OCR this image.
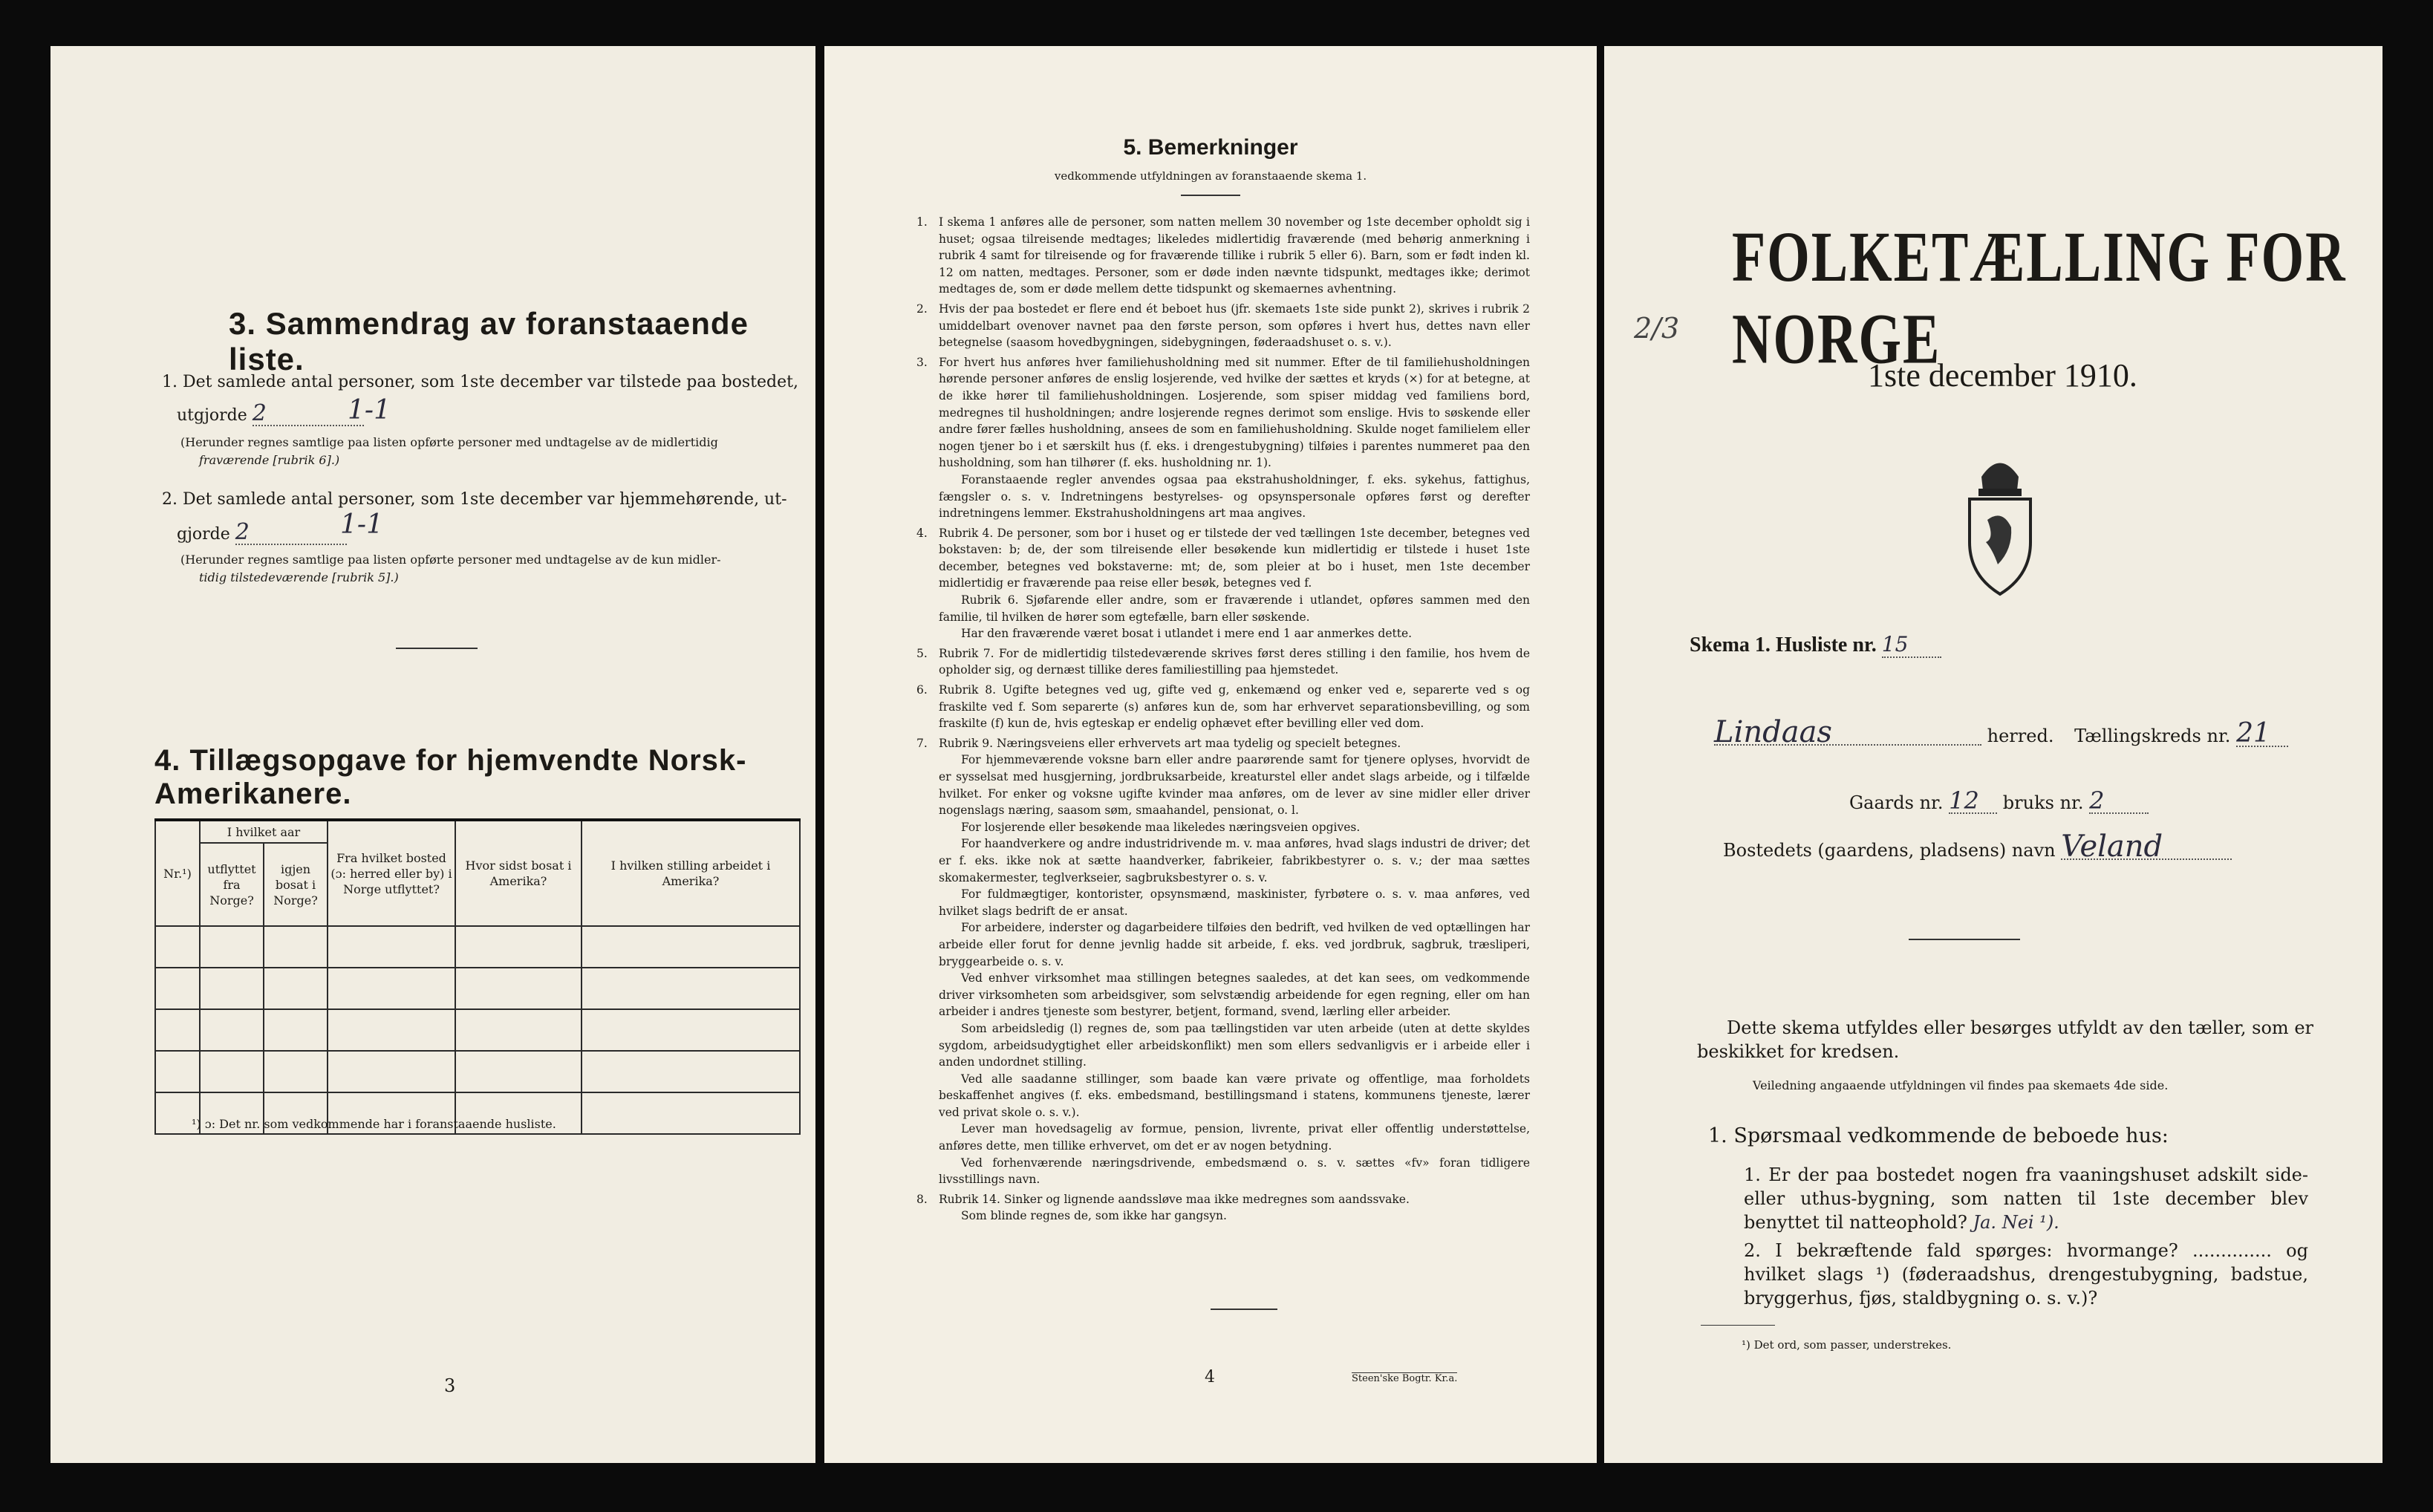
3. Sammendrag av foranstaaende liste.
1. Det samlede antal personer, som 1ste december var tilstede paa bostedet,
utgjorde 2	1-1
(Herunder regnes samtlige paa listen opførte personer med undtagelse av de midlertidig
fraværende [rubrik 6].)
2. Det samlede antal personer, som 1ste december var hjemmehørende, ut-
gjorde 2	1-1
(Herunder regnes samtlige paa listen opførte personer med undtagelse av de kun midler-
tidig tilstedeværende [rubrik 5].)
4. Tillægsopgave for hjemvendte Norsk-Amerikanere.
Nr.¹)	I hvilket aar		Fra hvilket bosted (ɔ: herred eller by) i Norge utflyttet?	Hvor sidst bosat i Amerika?	I hvilken stilling arbeidet i Amerika?
	utflyttet fra Norge?	igjen bosat i Norge?			

¹) ɔ: Det nr. som vedkommende har i foranstaaende husliste.
3
5. Bemerkninger
vedkommende utfyldningen av foranstaaende skema 1.

1. I skema 1 anføres alle de personer, som natten mellem 30 november og 1ste december opholdt sig i huset; ogsaa tilreisende medtages; likeledes midlertidig fraværende (med behørig anmerkning i rubrik 4 samt for tilreisende og for fraværende tillike i rubrik 5 eller 6). Barn, som er født inden kl. 12 om natten, medtages. Personer, som er døde inden nævnte tidspunkt, medtages ikke; derimot medtages de, som er døde mellem dette tidspunkt og skemaernes avhentning.

2. Hvis der paa bostedet er flere end ét beboet hus (jfr. skemaets 1ste side punkt 2), skrives i rubrik 2 umiddelbart ovenover navnet paa den første person, som opføres i hvert hus, dettes navn eller betegnelse (saasom hovedbygningen, sidebygningen, føderaadshuset o. s. v.).

3. For hvert hus anføres hver familiehusholdning med sit nummer. Efter de til familiehusholdningen hørende personer anføres de enslig losjerende, ved hvilke der sættes et kryds (×) for at betegne, at de ikke hører til familiehusholdningen. Losjerende, som spiser middag ved familiens bord, medregnes til husholdningen; andre losjerende regnes derimot som enslige. Hvis to søskende eller andre fører fælles husholdning, ansees de som en familiehusholdning. Skulde noget familielem eller nogen tjener bo i et særskilt hus (f. eks. i drengestubygning) tilføies i parentes nummeret paa den husholdning, som han tilhører (f. eks. husholdning nr. 1).

Foranstaaende regler anvendes ogsaa paa ekstrahusholdninger, f. eks. sykehus, fattighus, fængsler o. s. v. Indretningens bestyrelses- og opsynspersonale opføres først og derefter indretningens lemmer. Ekstrahusholdningens art maa angives.

4. Rubrik 4. De personer, som bor i huset og er tilstede der ved tællingen 1ste december, betegnes ved bokstaven: b; de, der som tilreisende eller besøkende kun midlertidig er tilstede i huset 1ste december, betegnes ved bokstaverne: mt; de, som pleier at bo i huset, men 1ste december midlertidig er fraværende paa reise eller besøk, betegnes ved f.

Rubrik 6. Sjøfarende eller andre, som er fraværende i utlandet, opføres sammen med den familie, til hvilken de hører som egtefælle, barn eller søskende.

Har den fraværende været bosat i utlandet i mere end 1 aar anmerkes dette.

5. Rubrik 7. For de midlertidig tilstedeværende skrives først deres stilling i den familie, hos hvem de opholder sig, og dernæst tillike deres familiestilling paa hjemstedet.

6. Rubrik 8. Ugifte betegnes ved ug, gifte ved g, enkemænd og enker ved e, separerte ved s og fraskilte ved f. Som separerte (s) anføres kun de, som har erhvervet separationsbevilling, og som fraskilte (f) kun de, hvis egteskap er endelig ophævet efter bevilling eller ved dom.

7. Rubrik 9. Næringsveiens eller erhvervets art maa tydelig og specielt betegnes.

For hjemmeværende voksne barn eller andre paarørende samt for tjenere oplyses, hvorvidt de er sysselsat med husgjerning, jordbruksarbeide, kreaturstel eller andet slags arbeide, og i tilfælde hvilket. For enker og voksne ugifte kvinder maa anføres, om de lever av sine midler eller driver nogenslags næring, saasom søm, smaahandel, pensionat, o. l.

For losjerende eller besøkende maa likeledes næringsveien opgives.

For haandverkere og andre industridrivende m. v. maa anføres, hvad slags industri de driver; det er f. eks. ikke nok at sætte haandverker, fabrikeier, fabrikbestyrer o. s. v.; der maa sættes skomakermester, teglverkseier, sagbruksbestyrer o. s. v.

For fuldmægtiger, kontorister, opsynsmænd, maskinister, fyrbøtere o. s. v. maa anføres, ved hvilket slags bedrift de er ansat.

For arbeidere, inderster og dagarbeidere tilføies den bedrift, ved hvilken de ved optællingen har arbeide eller forut for denne jevnlig hadde sit arbeide, f. eks. ved jordbruk, sagbruk, træsliperi, bryggearbeide o. s. v.

Ved enhver virksomhet maa stillingen betegnes saaledes, at det kan sees, om vedkommende driver virksomheten som arbeidsgiver, som selvstændig arbeidende for egen regning, eller om han arbeider i andres tjeneste som bestyrer, betjent, formand, svend, lærling eller arbeider.

Som arbeidsledig (l) regnes de, som paa tællingstiden var uten arbeide (uten at dette skyldes sygdom, arbeidsudygtighet eller arbeidskonflikt) men som ellers sedvanligvis er i arbeide eller i anden undordnet stilling.

Ved alle saadanne stillinger, som baade kan være private og offentlige, maa forholdets beskaffenhet angives (f. eks. embedsmand, bestillingsmand i statens, kommunens tjeneste, lærer ved privat skole o. s. v.).

Lever man hovedsagelig av formue, pension, livrente, privat eller offentlig understøttelse, anføres dette, men tillike erhvervet, om det er av nogen betydning.

Ved forhenværende næringsdrivende, embedsmænd o. s. v. sættes «fv» foran tidligere livsstillings navn.

8. Rubrik 14. Sinker og lignende aandssløve maa ikke medregnes som aandssvake.

Som blinde regnes de, som ikke har gangsyn.

4	Steen'ske Bogtr. Kr.a.
FOLKETÆLLING FOR NORGE
1ste december 1910.
Skema 1. Husliste nr. 15
Lindaas	herred. Tællingskreds nr. 21
Gaards nr. 12 bruks nr. 2
Bostedets (gaardens, pladsens) navn Veland
Dette skema utfyldes eller besørges utfyldt av den tæller, som er beskikket for kredsen.
Veiledning angaaende utfyldningen vil findes paa skemaets 4de side.
1. Spørsmaal vedkommende de beboede hus:
1. Er der paa bostedet nogen fra vaaningshuset adskilt side- eller uthus-bygning, som natten til 1ste december blev benyttet til natteophold? Ja. Nei ¹).
2. I bekræftende fald spørges: hvormange? .............. og hvilket slags ¹) (føderaadshus, drengestubygning, badstue, bryggerhus, fjøs, staldbygning o. s. v.)?
¹) Det ord, som passer, understrekes.
2/3
